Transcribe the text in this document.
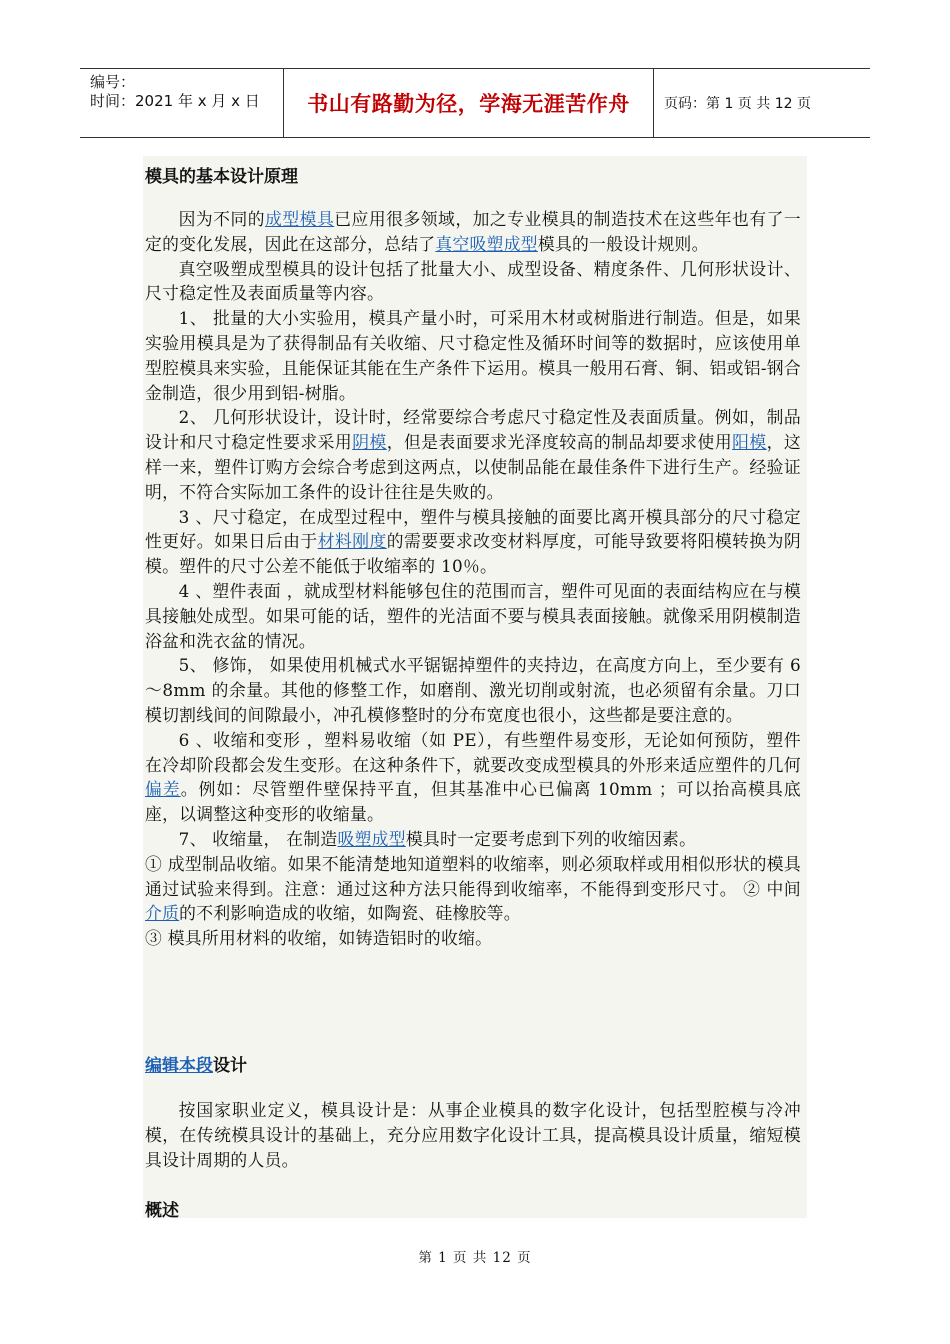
编号：
时间：2021 年 x 月 x 日	书山有路勤为径，学海无涯苦作舟	页码：第 1 页 共 12 页
模具的基本设计原理

因为不同的成型模具已应用很多领域，加之专业模具的制造技术在这些年也有了一定的变化发展，因此在这部分，总结了真空吸塑成型模具的一般设计规则。

真空吸塑成型模具的设计包括了批量大小、成型设备、精度条件、几何形状设计、尺寸稳定性及表面质量等内容。

1、 批量的大小实验用，模具产量小时，可采用木材或树脂进行制造。但是，如果实验用模具是为了获得制品有关收缩、尺寸稳定性及循环时间等的数据时，应该使用单型腔模具来实验，且能保证其能在生产条件下运用。模具一般用石膏、铜、铝或铝-钢合金制造，很少用到铝-树脂。

2、 几何形状设计，设计时，经常要综合考虑尺寸稳定性及表面质量。例如，制品设计和尺寸稳定性要求采用阴模，但是表面要求光泽度较高的制品却要求使用阳模，这样一来，塑件订购方会综合考虑到这两点，以使制品能在最佳条件下进行生产。经验证明，不符合实际加工条件的设计往往是失败的。

3 、尺寸稳定，在成型过程中，塑件与模具接触的面要比离开模具部分的尺寸稳定性更好。如果日后由于材料刚度的需要要求改变材料厚度，可能导致要将阳模转换为阴模。塑件的尺寸公差不能低于收缩率的 10％。

4 、塑件表面 ，就成型材料能够包住的范围而言，塑件可见面的表面结构应在与模具接触处成型。如果可能的话，塑件的光洁面不要与模具表面接触。就像采用阴模制造浴盆和洗衣盆的情况。

5、 修饰， 如果使用机械式水平锯锯掉塑件的夹持边，在高度方向上，至少要有 6～8mm 的余量。其他的修整工作，如磨削、激光切削或射流，也必须留有余量。刀口模切割线间的间隙最小，冲孔模修整时的分布宽度也很小，这些都是要注意的。

6 、收缩和变形 ，塑料易收缩（如 PE），有些塑件易变形，无论如何预防，塑件在冷却阶段都会发生变形。在这种条件下，就要改变成型模具的外形来适应塑件的几何偏差。例如：尽管塑件壁保持平直，但其基准中心已偏离 10mm ；可以抬高模具底座，以调整这种变形的收缩量。

7、 收缩量， 在制造吸塑成型模具时一定要考虑到下列的收缩因素。

① 成型制品收缩。如果不能清楚地知道塑料的收缩率，则必须取样或用相似形状的模具通过试验来得到。注意：通过这种方法只能得到收缩率，不能得到变形尺寸。 ② 中间介质的不利影响造成的收缩，如陶瓷、硅橡胶等。

③ 模具所用材料的收缩，如铸造铝时的收缩。

编辑本段设计

按国家职业定义，模具设计是：从事企业模具的数字化设计，包括型腔模与冷冲模，在传统模具设计的基础上，充分应用数字化设计工具，提高模具设计质量，缩短模具设计周期的人员。

概述
第 1 页 共 12 页
